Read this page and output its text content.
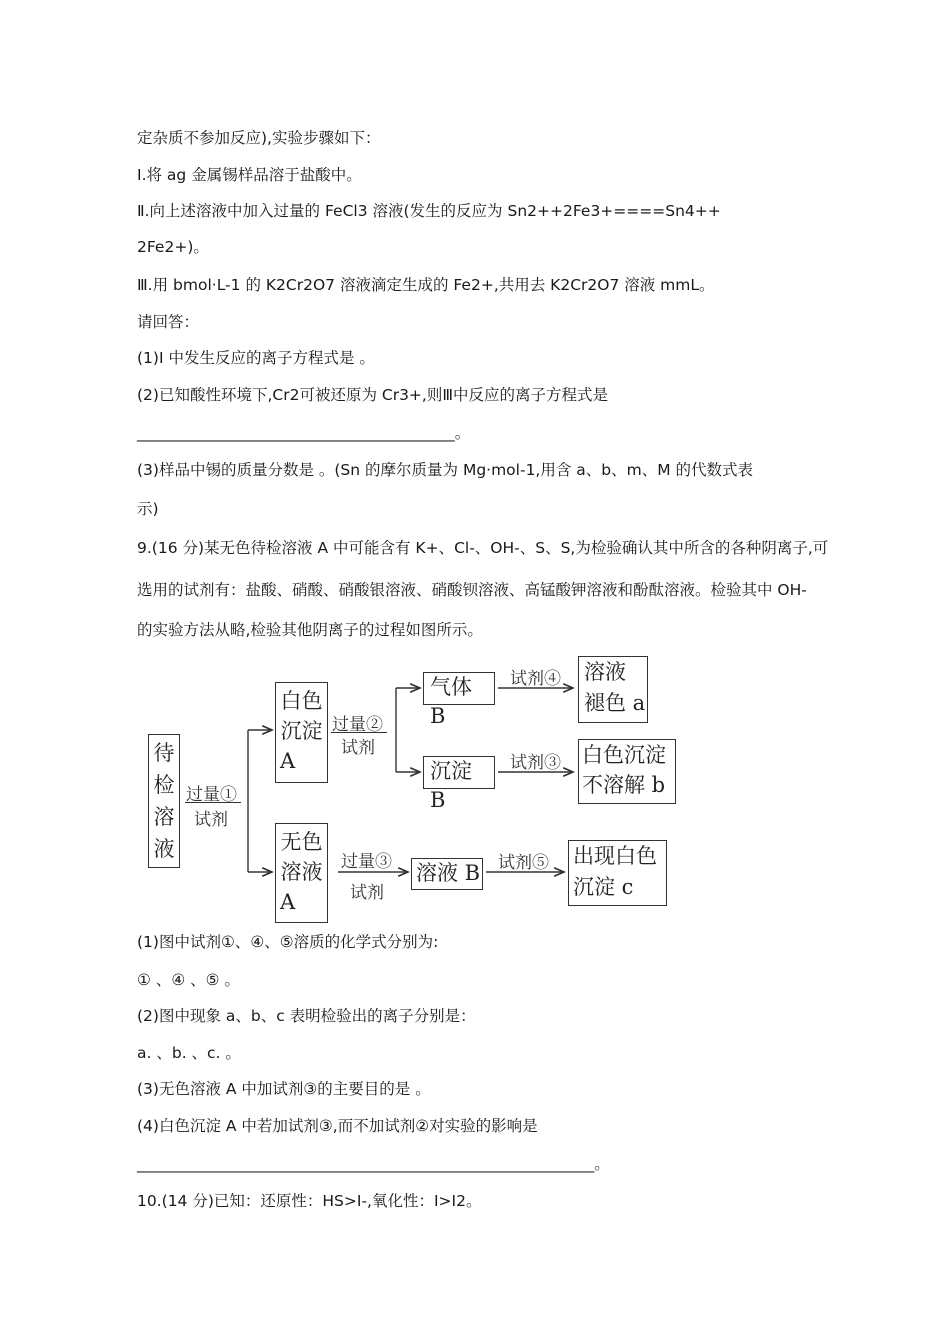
定杂质不参加反应),实验步骤如下：
Ⅰ.将 ag 金属锡样品溶于盐酸中。
Ⅱ.向上述溶液中加入过量的 FeCl3 溶液(发生的反应为 Sn2++2Fe3+====Sn4++
2Fe2+)。
Ⅲ.用 bmol·L-1 的 K2Cr2O7 溶液滴定生成的 Fe2+,共用去 K2Cr2O7 溶液 mmL。
请回答：
(1)Ⅰ 中发生反应的离子方程式是 。
(2)已知酸性环境下,Cr2可被还原为 Cr3+,则Ⅲ中反应的离子方程式是
_________________________________________。
(3)样品中锡的质量分数是 。(Sn 的摩尔质量为 Mg·mol-1,用含 a、b、m、M 的代数式表
示)
9.(16 分)某无色待检溶液 A 中可能含有 K+、Cl-、OH-、S、S,为检验确认其中所含的各种阴离子,可
选用的试剂有：盐酸、硝酸、硝酸银溶液、硝酸钡溶液、高锰酸钾溶液和酚酞溶液。检验其中 OH-
的实验方法从略,检验其他阴离子的过程如图所示。
待
检
溶
液
过量①
试剂
白色
沉淀
A
无色
溶液
A
过量②
试剂
气体 B
沉淀 B
试剂④
试剂③
溶液
褪色 a
白色沉淀
不溶解 b
过量③
试剂
溶液 B 试剂⑤ 出现白色
沉淀 c
(1)图中试剂①、④、⑤溶质的化学式分别为:
① 、④ 、⑤ 。
(2)图中现象 a、b、c 表明检验出的离子分别是：
a. 、b. 、c. 。
(3)无色溶液 A 中加试剂③的主要目的是 。
(4)白色沉淀 A 中若加试剂③,而不加试剂②对实验的影响是
___________________________________________________________。
10.(14 分)已知：还原性：HS>I-,氧化性：I>I2。
